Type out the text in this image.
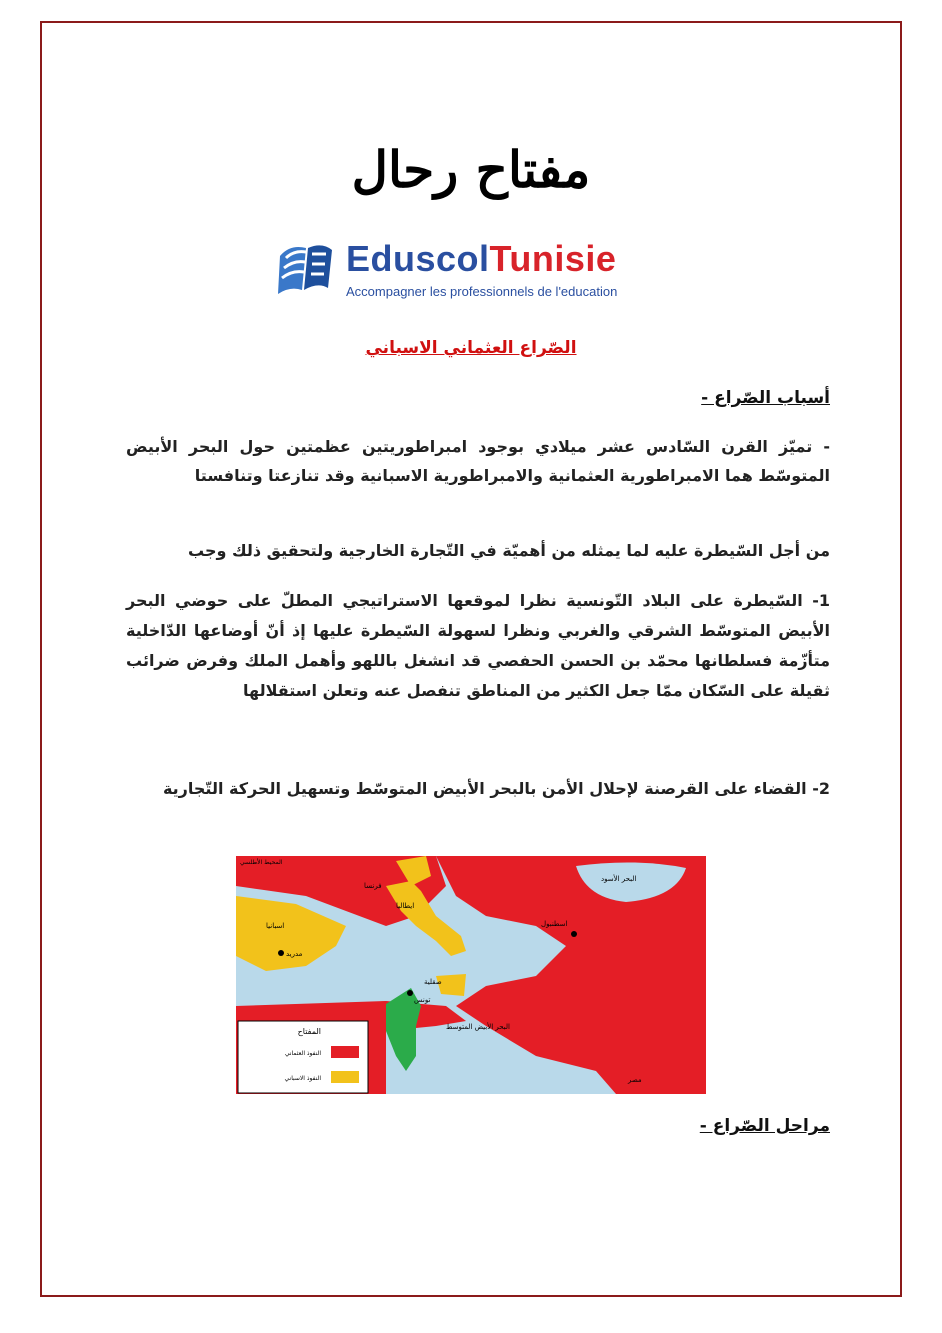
مفتاح رحال
EduscolTunisie
Accompagner les professionnels de l'education
الصّراع العثماني الاسباني
أسباب الصّراع -
- تميّز القرن السّادس عشر ميلادي بوجود امبراطوريتين عظمتين حول البحر الأبيض المتوسّط هما الامبراطورية العثمانية والامبراطورية الاسبانية وقد تنازعتا وتنافستا
من أجل السّيطرة عليه لما يمثله من أهميّة في التّجارة الخارجية ولتحقيق ذلك وجب
1- السّيطرة على البلاد التّونسية نظرا لموقعها الاستراتيجي المطلّ على حوضي البحر الأبيض المتوسّط الشرقي والغربي ونظرا لسهولة السّيطرة عليها إذ أنّ أوضاعها الدّاخلية متأزّمة فسلطانها محمّد بن الحسن الحفصي قد انشغل باللهو وأهمل الملك وفرض ضرائب ثقيلة على السّكان ممّا جعل الكثير من المناطق تنفصل عنه وتعلن استقلالها
2- القضاء على القرصنة لإحلال الأمن بالبحر الأبيض المتوسّط وتسهيل الحركة التّجارية
المفتاح
النفوذ العثماني
النفوذ الاسباني
المحيط الأطلسي
فرنسا
ايطاليا
اسبانيا
مدريد
البحر الأسود
اسطنبول
صقلية
تونس
البحر الأبيض المتوسط
مصر
مراحل الصّراع -
